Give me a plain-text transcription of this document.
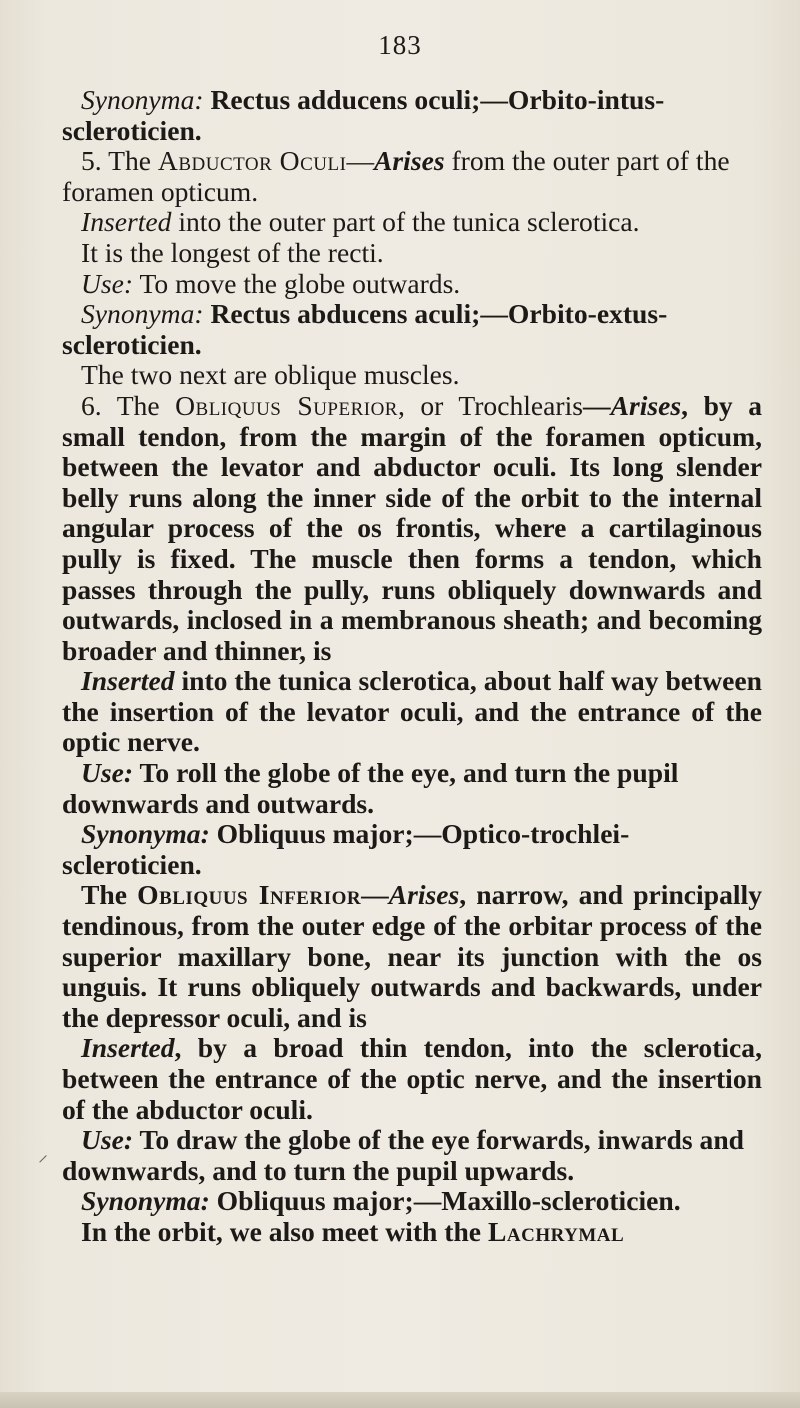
183
⸝

Synonyma: Rectus adducens oculi;—Orbito-intus-scleroticien.

5. The Abductor Oculi—Arises from the outer part of the foramen opticum.

Inserted into the outer part of the tunica sclerotica.

It is the longest of the recti.

Use: To move the globe outwards.

Synonyma: Rectus abducens aculi;—Orbito-extus-scleroticien.

The two next are oblique muscles.

6. The Obliquus Superior, or Trochlearis—Arises, by a small tendon, from the margin of the foramen opticum, between the levator and abductor oculi. Its long slender belly runs along the inner side of the orbit to the internal angular process of the os frontis, where a cartilaginous pully is fixed. The muscle then forms a tendon, which passes through the pully, runs obliquely downwards and outwards, inclosed in a membranous sheath; and becoming broader and thinner, is

Inserted into the tunica sclerotica, about half way between the insertion of the levator oculi, and the entrance of the optic nerve.

Use: To roll the globe of the eye, and turn the pupil downwards and outwards.

Synonyma: Obliquus major;—Optico-trochlei-scleroticien.

The Obliquus Inferior—Arises, narrow, and principally tendinous, from the outer edge of the orbitar process of the superior maxillary bone, near its junction with the os unguis. It runs obliquely outwards and backwards, under the depressor oculi, and is

Inserted, by a broad thin tendon, into the sclerotica, between the entrance of the optic nerve, and the insertion of the abductor oculi.

Use: To draw the globe of the eye forwards, inwards and downwards, and to turn the pupil upwards.

Synonyma: Obliquus major;—Maxillo-scleroticien.

In the orbit, we also meet with the Lachrymal
